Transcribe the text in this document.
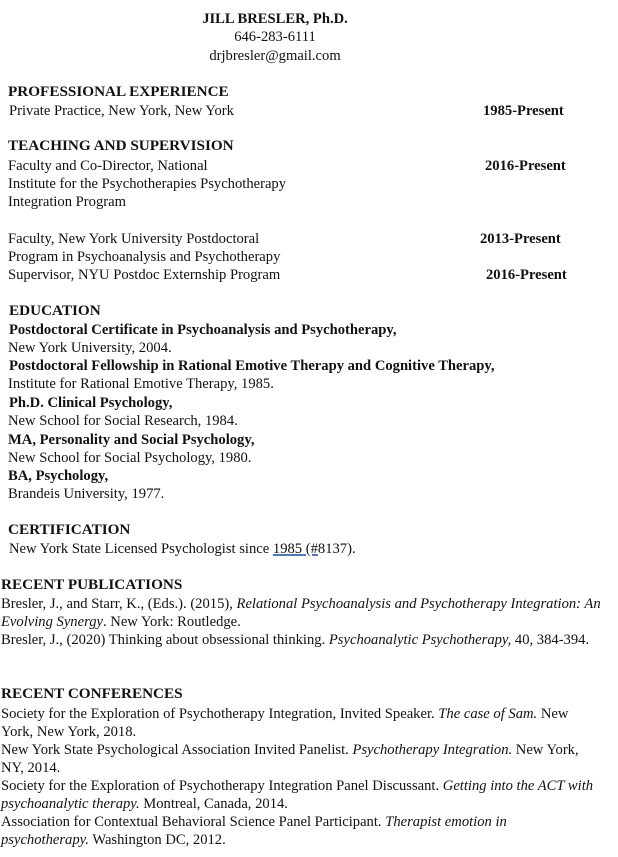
JILL BRESLER, Ph.D.
646-283-6111
drjbresler@gmail.com
PROFESSIONAL EXPERIENCE
Private Practice, New York, New York	1985-Present
TEACHING AND SUPERVISION
Faculty and Co-Director, National
Institute for the Psychotherapies Psychotherapy
Integration Program
2016-Present
Faculty, New York University Postdoctoral
Program in Psychoanalysis and Psychotherapy
2013-Present
Supervisor, NYU Postdoc Externship Program	2016-Present
EDUCATION
Postdoctoral Certificate in Psychoanalysis and Psychotherapy,
New York University, 2004.
Postdoctoral Fellowship in Rational Emotive Therapy and Cognitive Therapy,
Institute for Rational Emotive Therapy, 1985.
Ph.D. Clinical Psychology,
New School for Social Research, 1984.
MA, Personality and Social Psychology,
New School for Social Psychology, 1980.
BA, Psychology,
Brandeis University, 1977.
CERTIFICATION
New York State Licensed Psychologist since 1985 (#8137).
RECENT PUBLICATIONS
Bresler, J., and Starr, K., (Eds.). (2015), Relational Psychoanalysis and Psychotherapy Integration: An Evolving Synergy. New York: Routledge.
Bresler, J., (2020) Thinking about obsessional thinking. Psychoanalytic Psychotherapy, 40, 384-394.
RECENT CONFERENCES
Society for the Exploration of Psychotherapy Integration, Invited Speaker. The case of Sam. New York, New York, 2018.
New York State Psychological Association Invited Panelist. Psychotherapy Integration. New York, NY, 2014.
Society for the Exploration of Psychotherapy Integration Panel Discussant. Getting into the ACT with psychoanalytic therapy. Montreal, Canada, 2014.
Association for Contextual Behavioral Science Panel Participant. Therapist emotion in psychotherapy. Washington DC, 2012.
